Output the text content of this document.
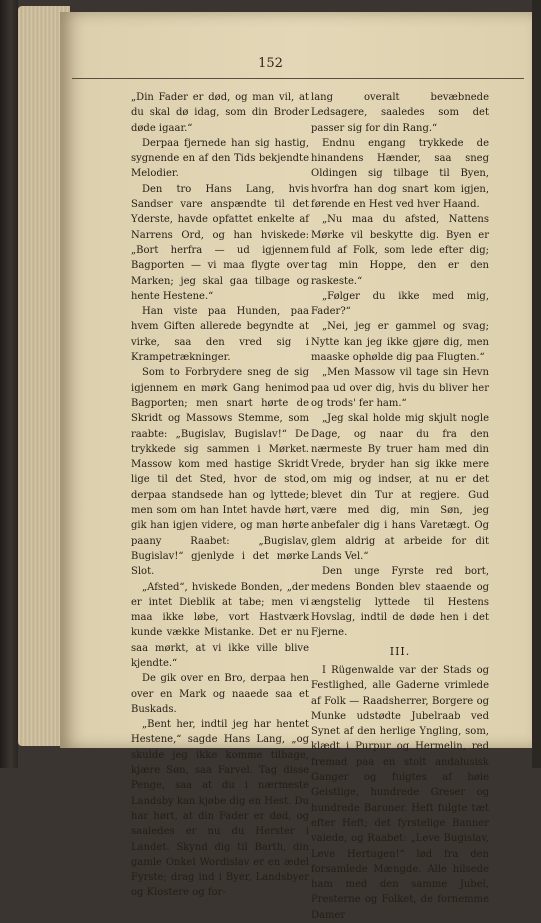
152

„Din Fader er død, og man vil, at du skal dø idag, som din Broder døde igaar.“

Derpaa fjernede han sig hastig, sygnende en af den Tids bekjendte Melodier.

Den tro Hans Lang, hvis Sandser vare anspændte til det Yderste, havde opfattet enkelte af Narrens Ord, og han hviskede: „Bort herfra — ud igjennem Bagporten — vi maa flygte over Marken; jeg skal gaa tilbage og hente Hestene.“

Han viste paa Hunden, paa hvem Giften allerede begyndte at virke, saa den vred sig i Krampetrækninger.

Som to Forbrydere sneg de sig igjennem en mørk Gang henimod Bagporten; men snart hørte de Skridt og Massows Stemme, som raabte: „Bugislav, Bugislav!“ De trykkede sig sammen i Mørket. Massow kom med hastige Skridt lige til det Sted, hvor de stod, derpaa standsede han og lyttede; men som om han Intet havde hørt, gik han igjen videre, og man hørte paany Raabet: „Bugislav, Bugislav!“ gjenlyde i det mørke Slot.

„Afsted“, hviskede Bonden, „der er intet Dieblik at tabe; men vi maa ikke løbe, vort Hastværk kunde vække Mistanke. Det er nu saa mørkt, at vi ikke ville blive kjendte.“

De gik over en Bro, derpaa hen over en Mark og naaede saa et Buskads.

„Bent her, indtil jeg har hentet Hestene,“ sagde Hans Lang, „og skulde jeg ikke komme tilbage, kjære Søn, saa Farvel. Tag disse Penge, saa at du i nærmeste Landsby kan kjøbe dig en Hest. Du har hørt, at din Fader er død, og saaledes er nu du Herster i Landet. Skynd dig til Barth, din gamle Onkel Wordislav er en ædel Fyrste; drag ind i Byer, Landsbyer og Klostere og for-

lang overalt bevæbnede Ledsagere, saaledes som det passer sig for din Rang.“

Endnu engang trykkede de hinandens Hænder, saa sneg Oldingen sig tilbage til Byen, hvorfra han dog snart kom igjen, førende en Hest ved hver Haand.

„Nu maa du afsted, Nattens Mørke vil beskytte dig. Byen er fuld af Folk, som lede efter dig; tag min Hoppe, den er den raskeste.“

„Følger du ikke med mig, Fader?“

„Nei, jeg er gammel og svag; Nytte kan jeg ikke gjøre dig, men maaske ophølde dig paa Flugten.“

„Men Massow vil tage sin Hevn paa ud over dig, hvis du bliver her og trods' fer ham.“

„Jeg skal holde mig skjult nogle Dage, og naar du fra den nærmeste By truer ham med din Vrede, bryder han sig ikke mere om mig og indser, at nu er det blevet din Tur at regjere. Gud være med dig, min Søn, jeg anbefaler dig i hans Varetægt. Og glem aldrig at arbeide for dit Lands Vel.“

Den unge Fyrste red bort, medens Bonden blev staaende og ængstelig lyttede til Hestens Hovslag, indtil de døde hen i det Fjerne.

III.

I Rügenwalde var der Stads og Festlighed, alle Gaderne vrimlede af Folk — Raadsherrer, Borgere og Munke udstødte Jubelraab ved Synet af den herlige Yngling, som, klædt i Purpur og Hermelin, red fremad paa en stolt andalusisk Ganger og fulgtes af høie Geistlige, hundrede Greser og hundrede Baroner. Heft fulgte tæt efter Heft; det fyrstelige Banner vaiede, og Raabet: „Leve Bugislav, Leve Hertugen!“ lød fra den forsamlede Mængde. Alle hilsede ham med den samme Jubel, Presterne og Folket, de fornemme Damer
